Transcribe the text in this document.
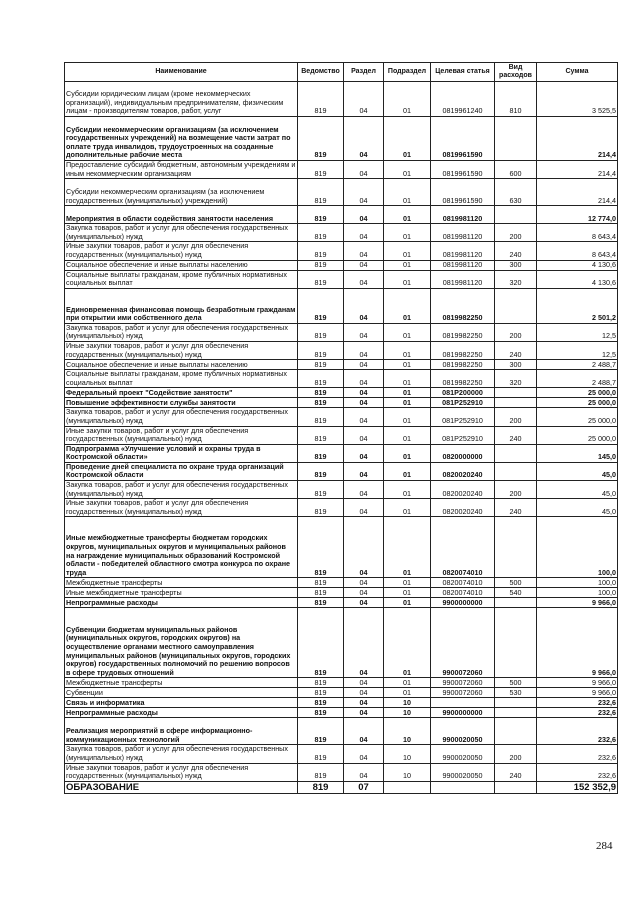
Наименование	Ведомство	Раздел	Подраздел	Целевая статья	Вид расходов	Сумма
Субсидии юридическим лицам (кроме некоммерческих организаций), индивидуальным предпринимателям, физическим лицам - производителям товаров, работ, услуг	819	04	01	0819961240	810	3 525,5
Субсидии некоммерческим организациям (за исключением государственных учреждений) на возмещение части затрат по оплате труда инвалидов, трудоустроенных на созданные дополнительные рабочие места	819	04	01	0819961590		214,4
Предоставление субсидий бюджетным, автономным учреждениям и иным некоммерческим организациям	819	04	01	0819961590	600	214,4
Субсидии некоммерческим организациям (за исключением государственных (муниципальных) учреждений)	819	04	01	0819961590	630	214,4
Мероприятия в области содействия занятости населения	819	04	01	0819981120		12 774,0
Закупка товаров, работ и услуг для обеспечения государственных (муниципальных) нужд	819	04	01	0819981120	200	8 643,4
Иные закупки товаров, работ и услуг для обеспечения государственных (муниципальных) нужд	819	04	01	0819981120	240	8 643,4
Социальное обеспечение и иные выплаты населению	819	04	01	0819981120	300	4 130,6
Социальные выплаты гражданам, кроме публичных нормативных социальных выплат	819	04	01	0819981120	320	4 130,6
Единовременная финансовая помощь безработным гражданам при открытии ими собственного дела	819	04	01	0819982250		2 501,2
Закупка товаров, работ и услуг для обеспечения государственных (муниципальных) нужд	819	04	01	0819982250	200	12,5
Иные закупки товаров, работ и услуг для обеспечения государственных (муниципальных) нужд	819	04	01	0819982250	240	12,5
Социальное обеспечение и иные выплаты населению	819	04	01	0819982250	300	2 488,7
Социальные выплаты гражданам, кроме публичных нормативных социальных выплат	819	04	01	0819982250	320	2 488,7
Федеральный проект "Содействие занятости"	819	04	01	081P200000		25 000,0
Повышение эффективности службы занятости	819	04	01	081P252910		25 000,0
Закупка товаров, работ и услуг для обеспечения государственных (муниципальных) нужд	819	04	01	081P252910	200	25 000,0
Иные закупки товаров, работ и услуг для обеспечения государственных (муниципальных) нужд	819	04	01	081P252910	240	25 000,0
Подпрограмма «Улучшение условий и охраны труда в Костромской области»	819	04	01	0820000000		145,0
Проведение дней специалиста по охране труда организаций Костромской области	819	04	01	0820020240		45,0
Закупка товаров, работ и услуг для обеспечения государственных (муниципальных) нужд	819	04	01	0820020240	200	45,0
Иные закупки товаров, работ и услуг для обеспечения государственных (муниципальных) нужд	819	04	01	0820020240	240	45,0
Иные межбюджетные трансферты бюджетам городских округов, муниципальных округов и муниципальных районов на награждение муниципальных образований Костромской области - победителей областного смотра конкурса по охране труда	819	04	01	0820074010		100,0
Межбюджетные трансферты	819	04	01	0820074010	500	100,0
Иные межбюджетные трансферты	819	04	01	0820074010	540	100,0
Непрограммные расходы	819	04	01	9900000000		9 966,0
Субвенции бюджетам муниципальных районов (муниципальных округов, городских округов) на осуществление органами местного самоуправления муниципальных районов (муниципальных округов, городских округов) государственных полномочий по решению вопросов в сфере трудовых отношений	819	04	01	9900072060		9 966,0
Межбюджетные трансферты	819	04	01	9900072060	500	9 966,0
Субвенции	819	04	01	9900072060	530	9 966,0
Связь и информатика	819	04	10			232,6
Непрограммные расходы	819	04	10	9900000000		232,6
Реализация мероприятий в сфере информационно-коммуникационных технологий	819	04	10	9900020050		232,6
Закупка товаров, работ и услуг для обеспечения государственных (муниципальных) нужд	819	04	10	9900020050	200	232,6
Иные закупки товаров, работ и услуг для обеспечения государственных (муниципальных) нужд	819	04	10	9900020050	240	232,6
ОБРАЗОВАНИЕ	819	07				152 352,9
284
